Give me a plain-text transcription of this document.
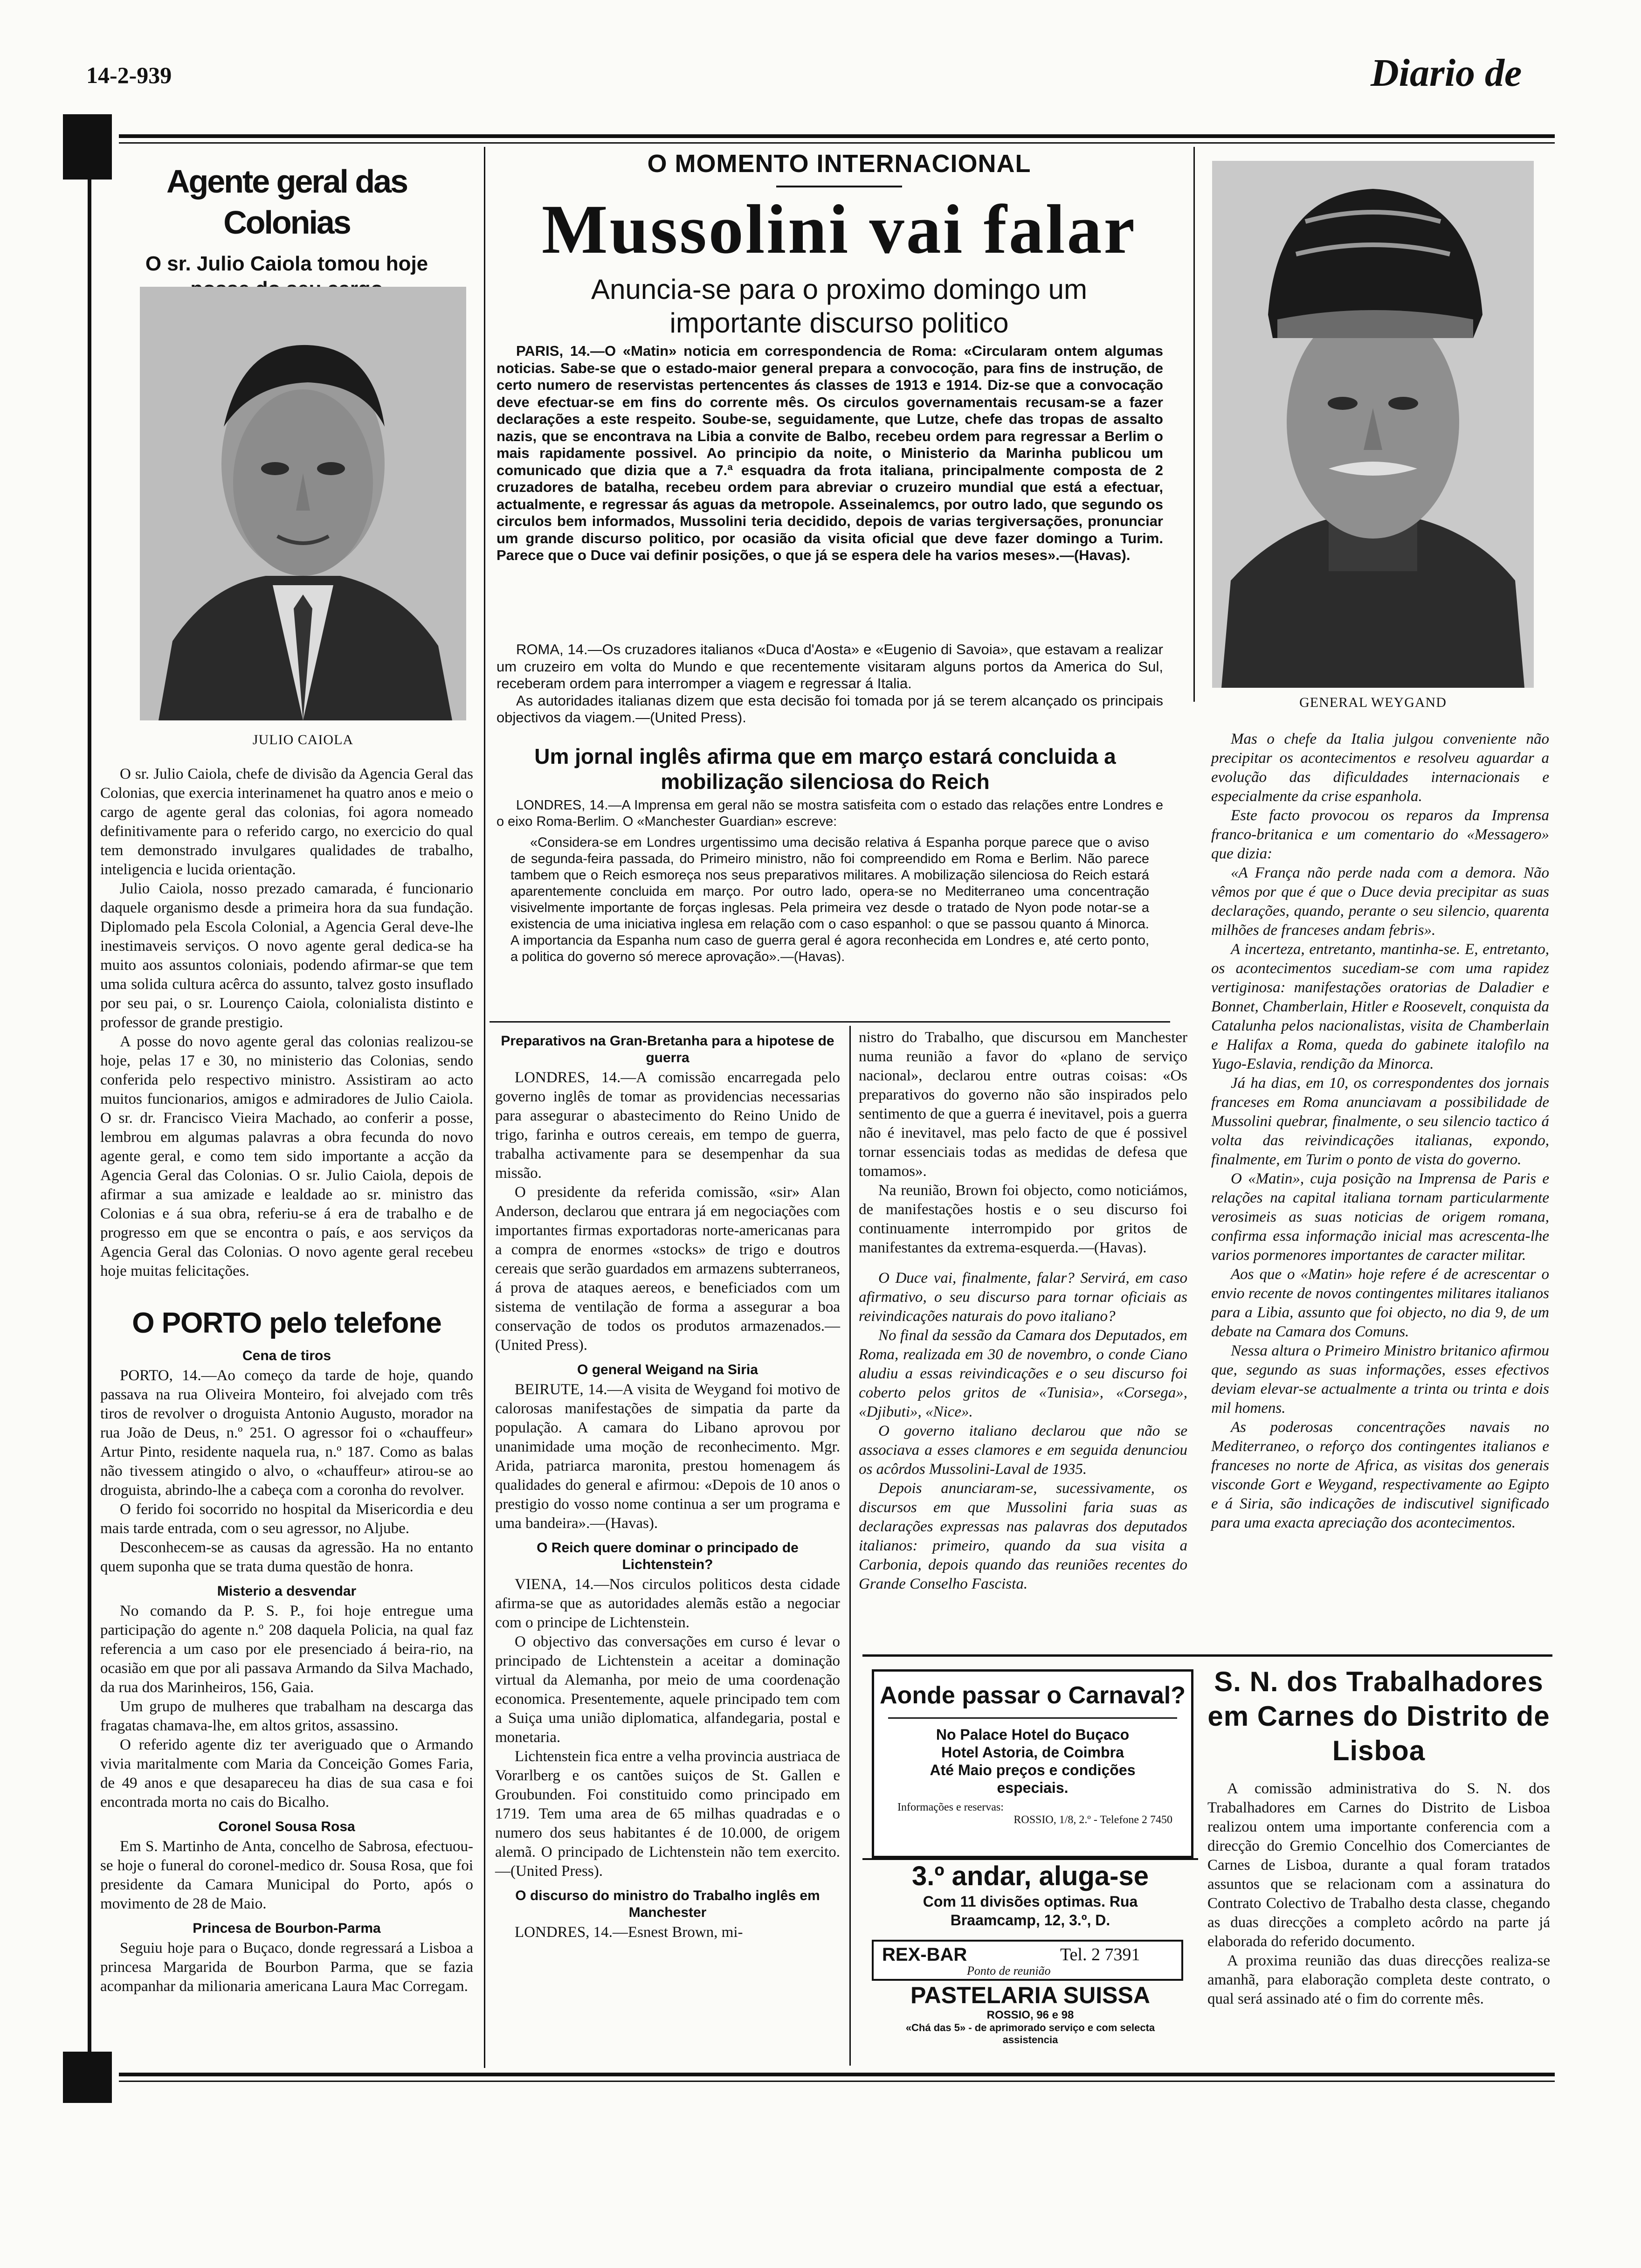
14-2-939	Diario de
Agente geral das Colonias
O sr. Julio Caiola tomou hoje
JULIO CAIOLA

O sr. Julio Caiola, chefe de divisão da Agencia Geral das Colonias, que exercia interinamenet ha quatro anos e meio o cargo de agente geral das colonias, foi agora nomeado definitivamente para o referido cargo, no exercicio do qual tem demonstrado invulgares qualidades de trabalho, inteligencia e lucida orientação.

Julio Caiola, nosso prezado camarada, é funcionario daquele organismo desde a primeira hora da sua fundação. Diplomado pela Escola Colonial, a Agencia Geral deve-lhe inestimaveis serviços. O novo agente geral dedica-se ha muito aos assuntos coloniais, podendo afirmar-se que tem uma solida cultura acêrca do assunto, talvez gosto insuflado por seu pai, o sr. Lourenço Caiola, colonialista distinto e professor de grande prestigio.

A posse do novo agente geral das colonias realizou-se hoje, pelas 17 e 30, no ministerio das Colonias, sendo conferida pelo respectivo ministro. Assistiram ao acto muitos funcionarios, amigos e admiradores de Julio Caiola. O sr. dr. Francisco Vieira Machado, ao conferir a posse, lembrou em algumas palavras a obra fecunda do novo agente geral, e como tem sido importante a acção da Agencia Geral das Colonias. O sr. Julio Caiola, depois de afirmar a sua amizade e lealdade ao sr. ministro das Colonias e á sua obra, referiu-se á era de trabalho e de progresso em que se encontra o país, e aos serviços da Agencia Geral das Colonias. O novo agente geral recebeu hoje muitas felicitações.

O PORTO pelo telefone
Cena de tiros

PORTO, 14.—Ao começo da tarde de hoje, quando passava na rua Oliveira Monteiro, foi alvejado com três tiros de revolver o droguista Antonio Augusto, morador na rua João de Deus, n.º 251. O agressor foi o «chauffeur» Artur Pinto, residente naquela rua, n.º 187. Como as balas não tivessem atingido o alvo, o «chauffeur» atirou-se ao droguista, abrindo-lhe a cabeça com a coronha do revolver.

O ferido foi socorrido no hospital da Misericordia e deu mais tarde entrada, com o seu agressor, no Aljube.

Desconhecem-se as causas da agressão. Ha no entanto quem suponha que se trata duma questão de honra.

Misterio a desvendar

No comando da P. S. P., foi hoje entregue uma participação do agente n.º 208 daquela Policia, na qual faz referencia a um caso por ele presenciado á beira-rio, na ocasião em que por ali passava Armando da Silva Machado, da rua dos Marinheiros, 156, Gaia.

Um grupo de mulheres que trabalham na descarga das fragatas chamava-lhe, em altos gritos, assassino.

O referido agente diz ter averiguado que o Armando vivia maritalmente com Maria da Conceição Gomes Faria, de 49 anos e que desapareceu ha dias de sua casa e foi encontrada morta no cais do Bicalho.

Coronel Sousa Rosa

Em S. Martinho de Anta, concelho de Sabrosa, efectuou-se hoje o funeral do coronel-medico dr. Sousa Rosa, que foi presidente da Camara Municipal do Porto, após o movimento de 28 de Maio.

Princesa de Bourbon-Parma

Seguiu hoje para o Buçaco, donde regressará a Lisboa a princesa Margarida de Bourbon Parma, que se fazia acompanhar da milionaria americana Laura Mac Corregam.

O MOMENTO INTERNACIONAL
Mussolini vai falar
Anuncia-se para o proximo domingo um importante discurso politico
PARIS, 14.—O «Matin» noticia em correspondencia de Roma: «Circularam ontem algumas noticias. Sabe-se que o estado-maior general prepara a convocoção, para fins de instrução, de certo numero de reservistas pertencentes ás classes de 1913 e 1914. Diz-se que a convocação deve efectuar-se em fins do corrente mês. Os circulos governamentais recusam-se a fazer declarações a este respeito. Soube-se, seguidamente, que Lutze, chefe das tropas de assalto nazis, que se encontrava na Libia a convite de Balbo, recebeu ordem para regressar a Berlim o mais rapidamente possivel. Ao principio da noite, o Ministerio da Marinha publicou um comunicado que dizia que a 7.ª esquadra da frota italiana, principalmente composta de 2 cruzadores de batalha, recebeu ordem para abreviar o cruzeiro mundial que está a efectuar, actualmente, e regressar ás aguas da metropole. Asseinalemcs, por outro lado, que segundo os circulos bem informados, Mussolini teria decidido, depois de varias tergiversações, pronunciar um grande discurso politico, por ocasião da visita oficial que deve fazer domingo a Turim. Parece que o Duce vai definir posições, o que já se espera dele ha varios meses».—(Havas).

ROMA, 14.—Os cruzadores italianos «Duca d'Aosta» e «Eugenio di Savoia», que estavam a realizar um cruzeiro em volta do Mundo e que recentemente visitaram alguns portos da America do Sul, receberam ordem para interromper a viagem e regressar á Italia.

As autoridades italianas dizem que esta decisão foi tomada por já se terem alcançado os principais objectivos da viagem.—(United Press).

Um jornal inglês afirma que em março estará concluida a mobilização silenciosa do Reich

LONDRES, 14.—A Imprensa em geral não se mostra satisfeita com o estado das relações entre Londres e o eixo Roma-Berlim. O «Manchester Guardian» escreve:

«Considera-se em Londres urgentissimo uma decisão relativa á Espanha porque parece que o aviso de segunda-feira passada, do Primeiro ministro, não foi compreendido em Roma e Berlim. Não parece tambem que o Reich esmoreça nos seus preparativos militares. A mobilização silenciosa do Reich estará aparentemente concluida em março. Por outro lado, opera-se no Mediterraneo uma concentração visivelmente importante de forças inglesas. Pela primeira vez desde o tratado de Nyon pode notar-se a existencia de uma iniciativa inglesa em relação com o caso espanhol: o que se passou quanto á Minorca. A importancia da Espanha num caso de guerra geral é agora reconhecida em Londres e, até certo ponto, a politica do governo só merece aprovação».—(Havas).

Preparativos na Gran-Bretanha para a hipotese de guerra

LONDRES, 14.—A comissão encarregada pelo governo inglês de tomar as providencias necessarias para assegurar o abastecimento do Reino Unido de trigo, farinha e outros cereais, em tempo de guerra, trabalha activamente para se desempenhar da sua missão.

O presidente da referida comissão, «sir» Alan Anderson, declarou que entrara já em negociações com importantes firmas exportadoras norte-americanas para a compra de enormes «stocks» de trigo e doutros cereais que serão guardados em armazens subterraneos, á prova de ataques aereos, e beneficiados com um sistema de ventilação de forma a assegurar a boa conservação de todos os produtos armazenados.—(United Press).

O general Weigand na Siria

BEIRUTE, 14.—A visita de Weygand foi motivo de calorosas manifestações de simpatia da parte da população. A camara do Libano aprovou por unanimidade uma moção de reconhecimento. Mgr. Arida, patriarca maronita, prestou homenagem ás qualidades do general e afirmou: «Depois de 10 anos o prestigio do vosso nome continua a ser um programa e uma bandeira».—(Havas).

O Reich quere dominar o principado de Lichtenstein?

VIENA, 14.—Nos circulos politicos desta cidade afirma-se que as autoridades alemãs estão a negociar com o principe de Lichtenstein.

O objectivo das conversações em curso é levar o principado de Lichtenstein a aceitar a dominação virtual da Alemanha, por meio de uma coordenação economica. Presentemente, aquele principado tem com a Suiça uma união diplomatica, alfandegaria, postal e monetaria.

Lichtenstein fica entre a velha provincia austriaca de Vorarlberg e os cantões suiços de St. Gallen e Groubunden. Foi constituido como principado em 1719. Tem uma area de 65 milhas quadradas e o numero dos seus habitantes é de 10.000, de origem alemã. O principado de Lichtenstein não tem exercito.—(United Press).

O discurso do ministro do Trabalho inglês em Manchester

LONDRES, 14.—Esnest Brown, mi-

nistro do Trabalho, que discursou em Manchester numa reunião a favor do «plano de serviço nacional», declarou entre outras coisas: «Os preparativos do governo não são inspirados pelo sentimento de que a guerra é inevitavel, pois a guerra não é inevitavel, mas pelo facto de que é possivel tornar essenciais todas as medidas de defesa que tomamos».

Na reunião, Brown foi objecto, como noticiámos, de manifestações hostis e o seu discurso foi continuamente interrompido por gritos de manifestantes da extrema-esquerda.—(Havas).

O Duce vai, finalmente, falar? Servirá, em caso afirmativo, o seu discurso para tornar oficiais as reivindicações naturais do povo italiano?

No final da sessão da Camara dos Deputados, em Roma, realizada em 30 de novembro, o conde Ciano aludiu a essas reivindicações e o seu discurso foi coberto pelos gritos de «Tunisia», «Corsega», «Djibuti», «Nice».

O governo italiano declarou que não se associava a esses clamores e em seguida denunciou os acôrdos Mussolini-Laval de 1935.

Depois anunciaram-se, sucessivamente, os discursos em que Mussolini faria suas as declarações expressas nas palavras dos deputados italianos: primeiro, quando da sua visita a Carbonia, depois quando das reuniões recentes do Grande Conselho Fascista.

GENERAL WEYGAND

Mas o chefe da Italia julgou conveniente não precipitar os acontecimentos e resolveu aguardar a evolução das dificuldades internacionais e especialmente da crise espanhola.

Este facto provocou os reparos da Imprensa franco-britanica e um comentario do «Messagero» que dizia:

«A França não perde nada com a demora. Não vêmos por que é que o Duce devia precipitar as suas declarações, quando, perante o seu silencio, quarenta milhões de franceses andam febris».

A incerteza, entretanto, mantinha-se. E, entretanto, os acontecimentos sucediam-se com uma rapidez vertiginosa: manifestações oratorias de Daladier e Bonnet, Chamberlain, Hitler e Roosevelt, conquista da Catalunha pelos nacionalistas, visita de Chamberlain e Halifax a Roma, queda do gabinete italofilo na Yugo-Eslavia, rendição da Minorca.

Já ha dias, em 10, os correspondentes dos jornais franceses em Roma anunciavam a possibilidade de Mussolini quebrar, finalmente, o seu silencio tactico á volta das reivindicações italianas, expondo, finalmente, em Turim o ponto de vista do governo.

O «Matin», cuja posição na Imprensa de Paris e relações na capital italiana tornam particularmente verosimeis as suas noticias de origem romana, confirma essa informação inicial mas acrescenta-lhe varios pormenores importantes de caracter militar.

Aos que o «Matin» hoje refere é de acrescentar o envio recente de novos contingentes militares italianos para a Libia, assunto que foi objecto, no dia 9, de um debate na Camara dos Comuns.

Nessa altura o Primeiro Ministro britanico afirmou que, segundo as suas informações, esses efectivos deviam elevar-se actualmente a trinta ou trinta e dois mil homens.

As poderosas concentrações navais no Mediterraneo, o reforço dos contingentes italianos e franceses no norte de Africa, as visitas dos generais visconde Gort e Weygand, respectivamente ao Egipto e á Siria, são indicações de indiscutivel significado para uma exacta apreciação dos acontecimentos.

S. N. dos Trabalhadores em Carnes do Distrito de Lisboa

A comissão administrativa do S. N. dos Trabalhadores em Carnes do Distrito de Lisboa realizou ontem uma importante conferencia com a direcção do Gremio Concelhio dos Comerciantes de Carnes de Lisboa, durante a qual foram tratados assuntos que se relacionam com a assinatura do Contrato Colectivo de Trabalho desta classe, chegando as duas direcções a completo acôrdo na parte já elaborada do referido documento.

A proxima reunião das duas direcções realiza-se amanhã, para elaboração completa deste contrato, o qual será assinado até o fim do corrente mês.

Aonde passar o Carnaval?
No Palace Hotel do Buçaco
Hotel Astoria, de Coimbra
Até Maio preços e condições especiais.
Informações e reservas:
ROSSIO, 1/8, 2.º - Telefone 2 7450
3.º andar, aluga-se
Com 11 divisões optimas. Rua Braamcamp, 12, 3.º, D.
REX-BAR	Tel. 2 7391
Ponto de reunião
PASTELARIA SUISSA
ROSSIO, 96 e 98
«Chá das 5» - de aprimorado serviço e com selecta assistencia
